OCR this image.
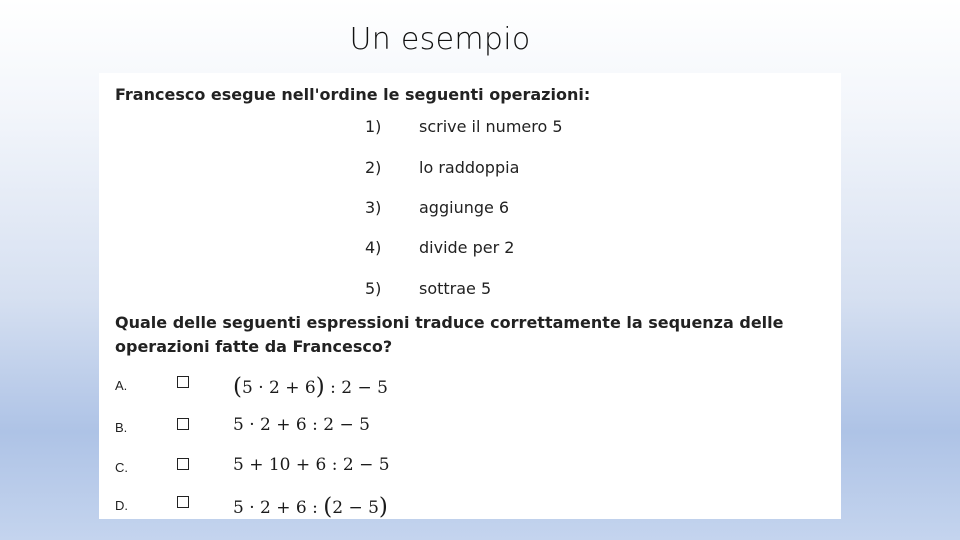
Un esempio
Francesco esegue nell'ordine le seguenti operazioni:
1) scrive il numero 5
2) lo raddoppia
3) aggiunge 6
4) divide per 2
5) sottrae 5
Quale delle seguenti espressioni traduce correttamente la sequenza delle operazioni fatte da Francesco?
A.	(5 · 2 + 6) : 2 − 5
B.	5 · 2 + 6 : 2 − 5
C.	5 + 10 + 6 : 2 − 5
D.	5 · 2 + 6 : (2 − 5)
